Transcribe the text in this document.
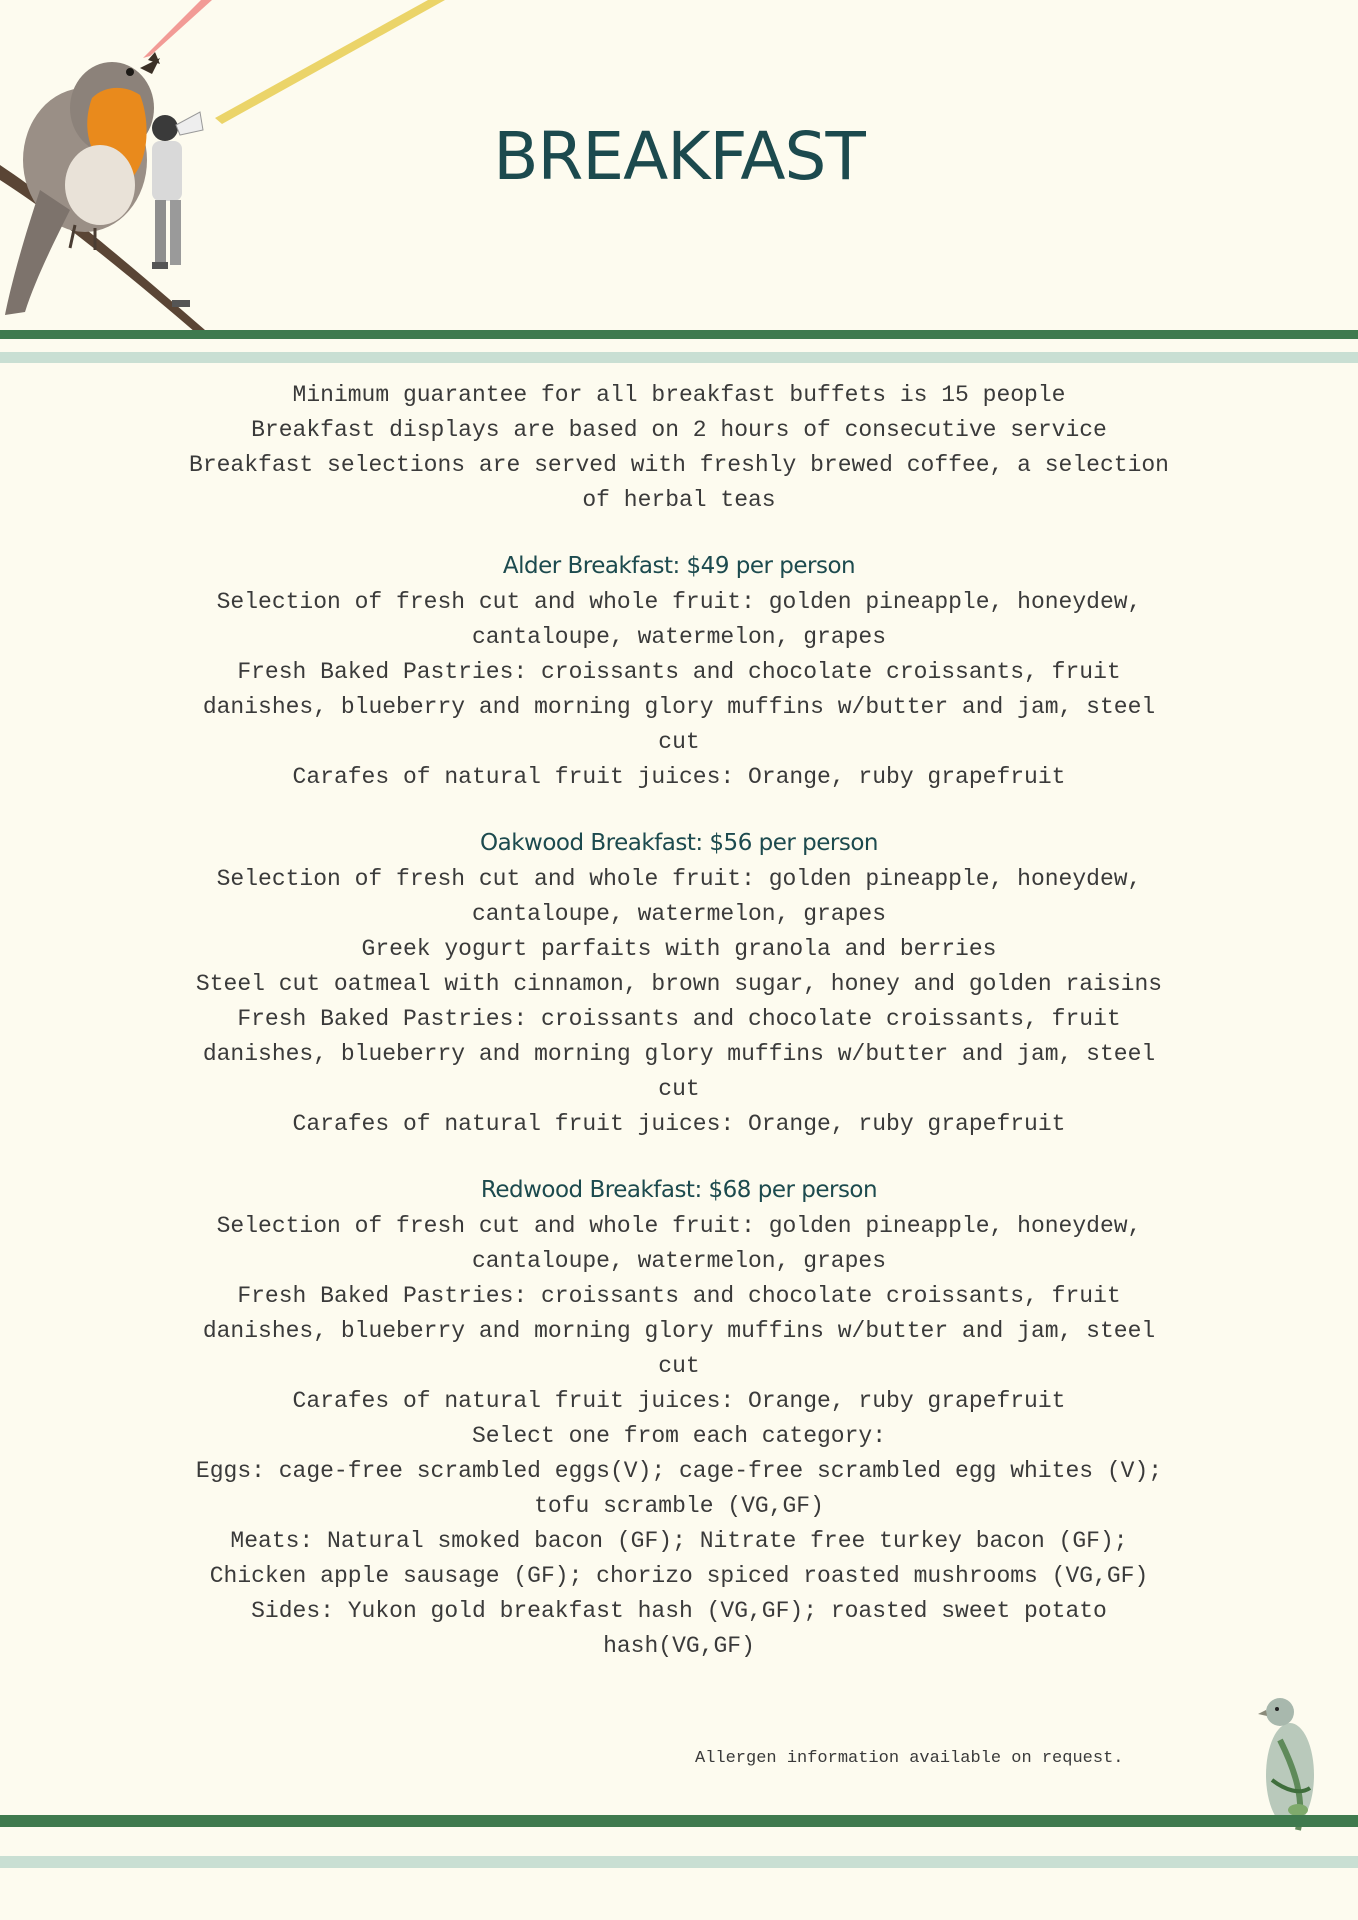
BREAKFAST

Minimum guarantee for all breakfast buffets is 15 people

Breakfast displays are based on 2 hours of consecutive service

Breakfast selections are served with freshly brewed coffee, a selection of herbal teas

Alder Breakfast: $49 per person

Selection of fresh cut and whole fruit: golden pineapple, honeydew, cantaloupe, watermelon, grapes

Fresh Baked Pastries: croissants and chocolate croissants, fruit danishes, blueberry and morning glory muffins w/butter and jam, steel cut

Carafes of natural fruit juices: Orange, ruby grapefruit

Oakwood Breakfast: $56 per person

Selection of fresh cut and whole fruit: golden pineapple, honeydew, cantaloupe, watermelon, grapes

Greek yogurt parfaits with granola and berries

Steel cut oatmeal with cinnamon, brown sugar, honey and golden raisins

Fresh Baked Pastries: croissants and chocolate croissants, fruit danishes, blueberry and morning glory muffins w/butter and jam, steel cut

Carafes of natural fruit juices: Orange, ruby grapefruit

Redwood Breakfast: $68 per person

Selection of fresh cut and whole fruit: golden pineapple, honeydew, cantaloupe, watermelon, grapes

Fresh Baked Pastries: croissants and chocolate croissants, fruit danishes, blueberry and morning glory muffins w/butter and jam, steel cut

Carafes of natural fruit juices: Orange, ruby grapefruit

Select one from each category:

Eggs: cage-free scrambled eggs(V); cage-free scrambled egg whites (V); tofu scramble (VG,GF)

Meats: Natural smoked bacon (GF); Nitrate free turkey bacon (GF); Chicken apple sausage (GF); chorizo spiced roasted mushrooms (VG,GF)

Sides: Yukon gold breakfast hash (VG,GF); roasted sweet potato hash(VG,GF)

Allergen information available on request.
